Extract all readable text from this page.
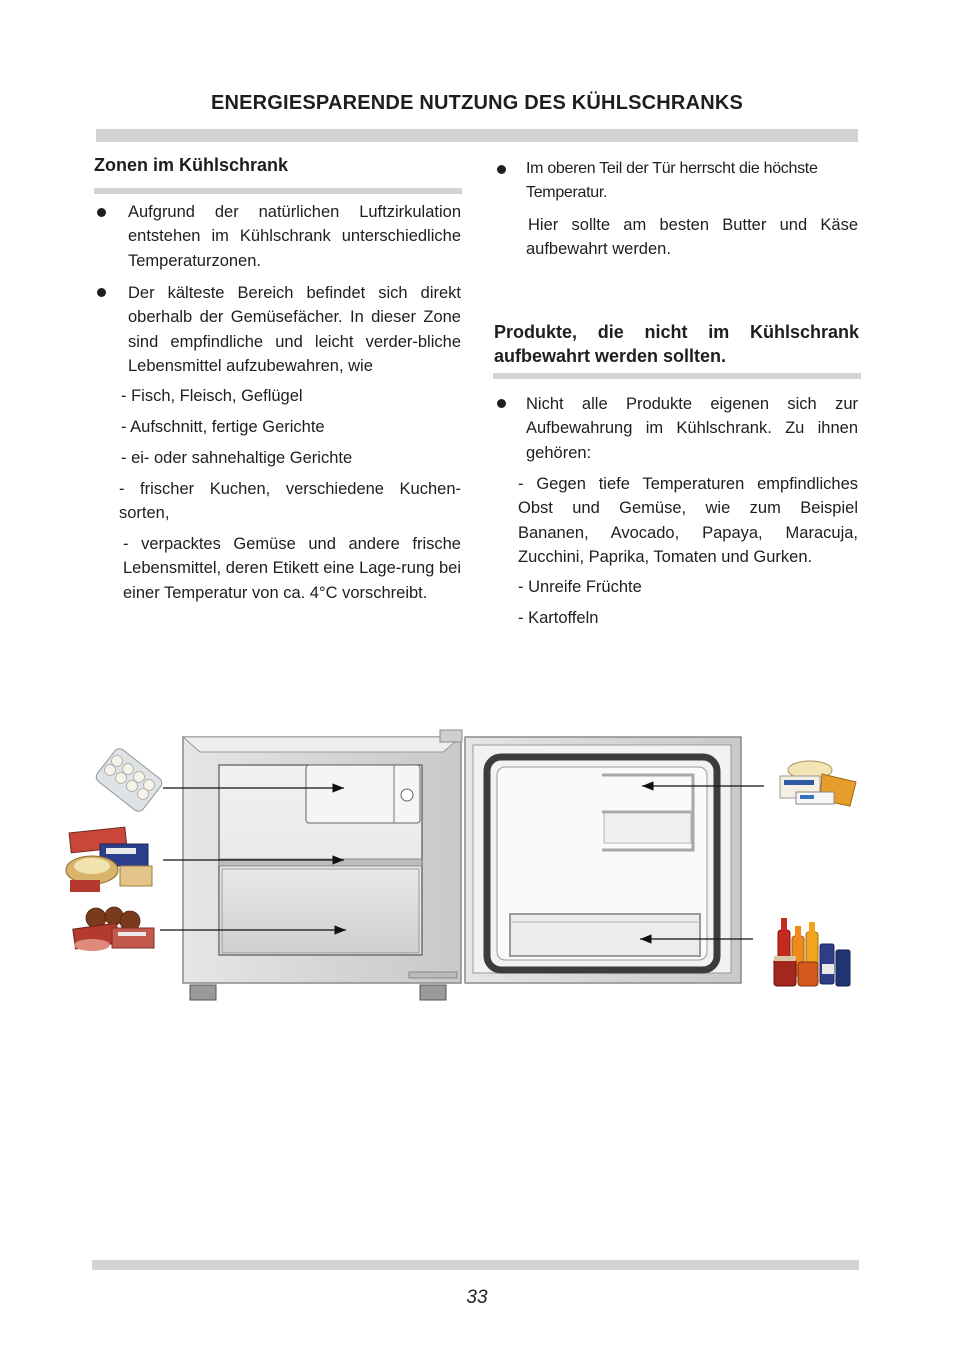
ENERGIESPARENDE NUTZUNG DES KÜHLSCHRANKS
Zonen im Kühlschrank
Aufgrund der natürlichen Luftzirkulation entstehen im Kühlschrank unterschiedliche Temperaturzonen.
Der kälteste Bereich befindet sich direkt oberhalb der Gemüsefächer. In dieser Zone sind empfindliche und leicht verder-bliche Lebensmittel aufzubewahren, wie
- Fisch, Fleisch, Geflügel
- Aufschnitt, fertige Gerichte
- ei- oder sahnehaltige Gerichte
- frischer Kuchen, verschiedene Kuchen-sorten,
- verpacktes Gemüse und andere frische Lebensmittel, deren Etikett eine Lage-rung bei einer Temperatur von ca. 4°C vorschreibt.
Im oberen Teil der Tür herrscht die höchste Temperatur.
Hier sollte am besten Butter und Käse aufbewahrt werden.
Produkte, die nicht im Kühlschrank aufbewahrt werden sollten.
Nicht alle Produkte eigenen sich zur Aufbewahrung im Kühlschrank. Zu ihnen gehören:
- Gegen tiefe Temperaturen empfindliches Obst und Gemüse, wie zum Beispiel Bananen, Avocado, Papaya, Maracuja, Zucchini, Paprika, Tomaten und Gurken.
- Unreife Früchte
- Kartoffeln
33
